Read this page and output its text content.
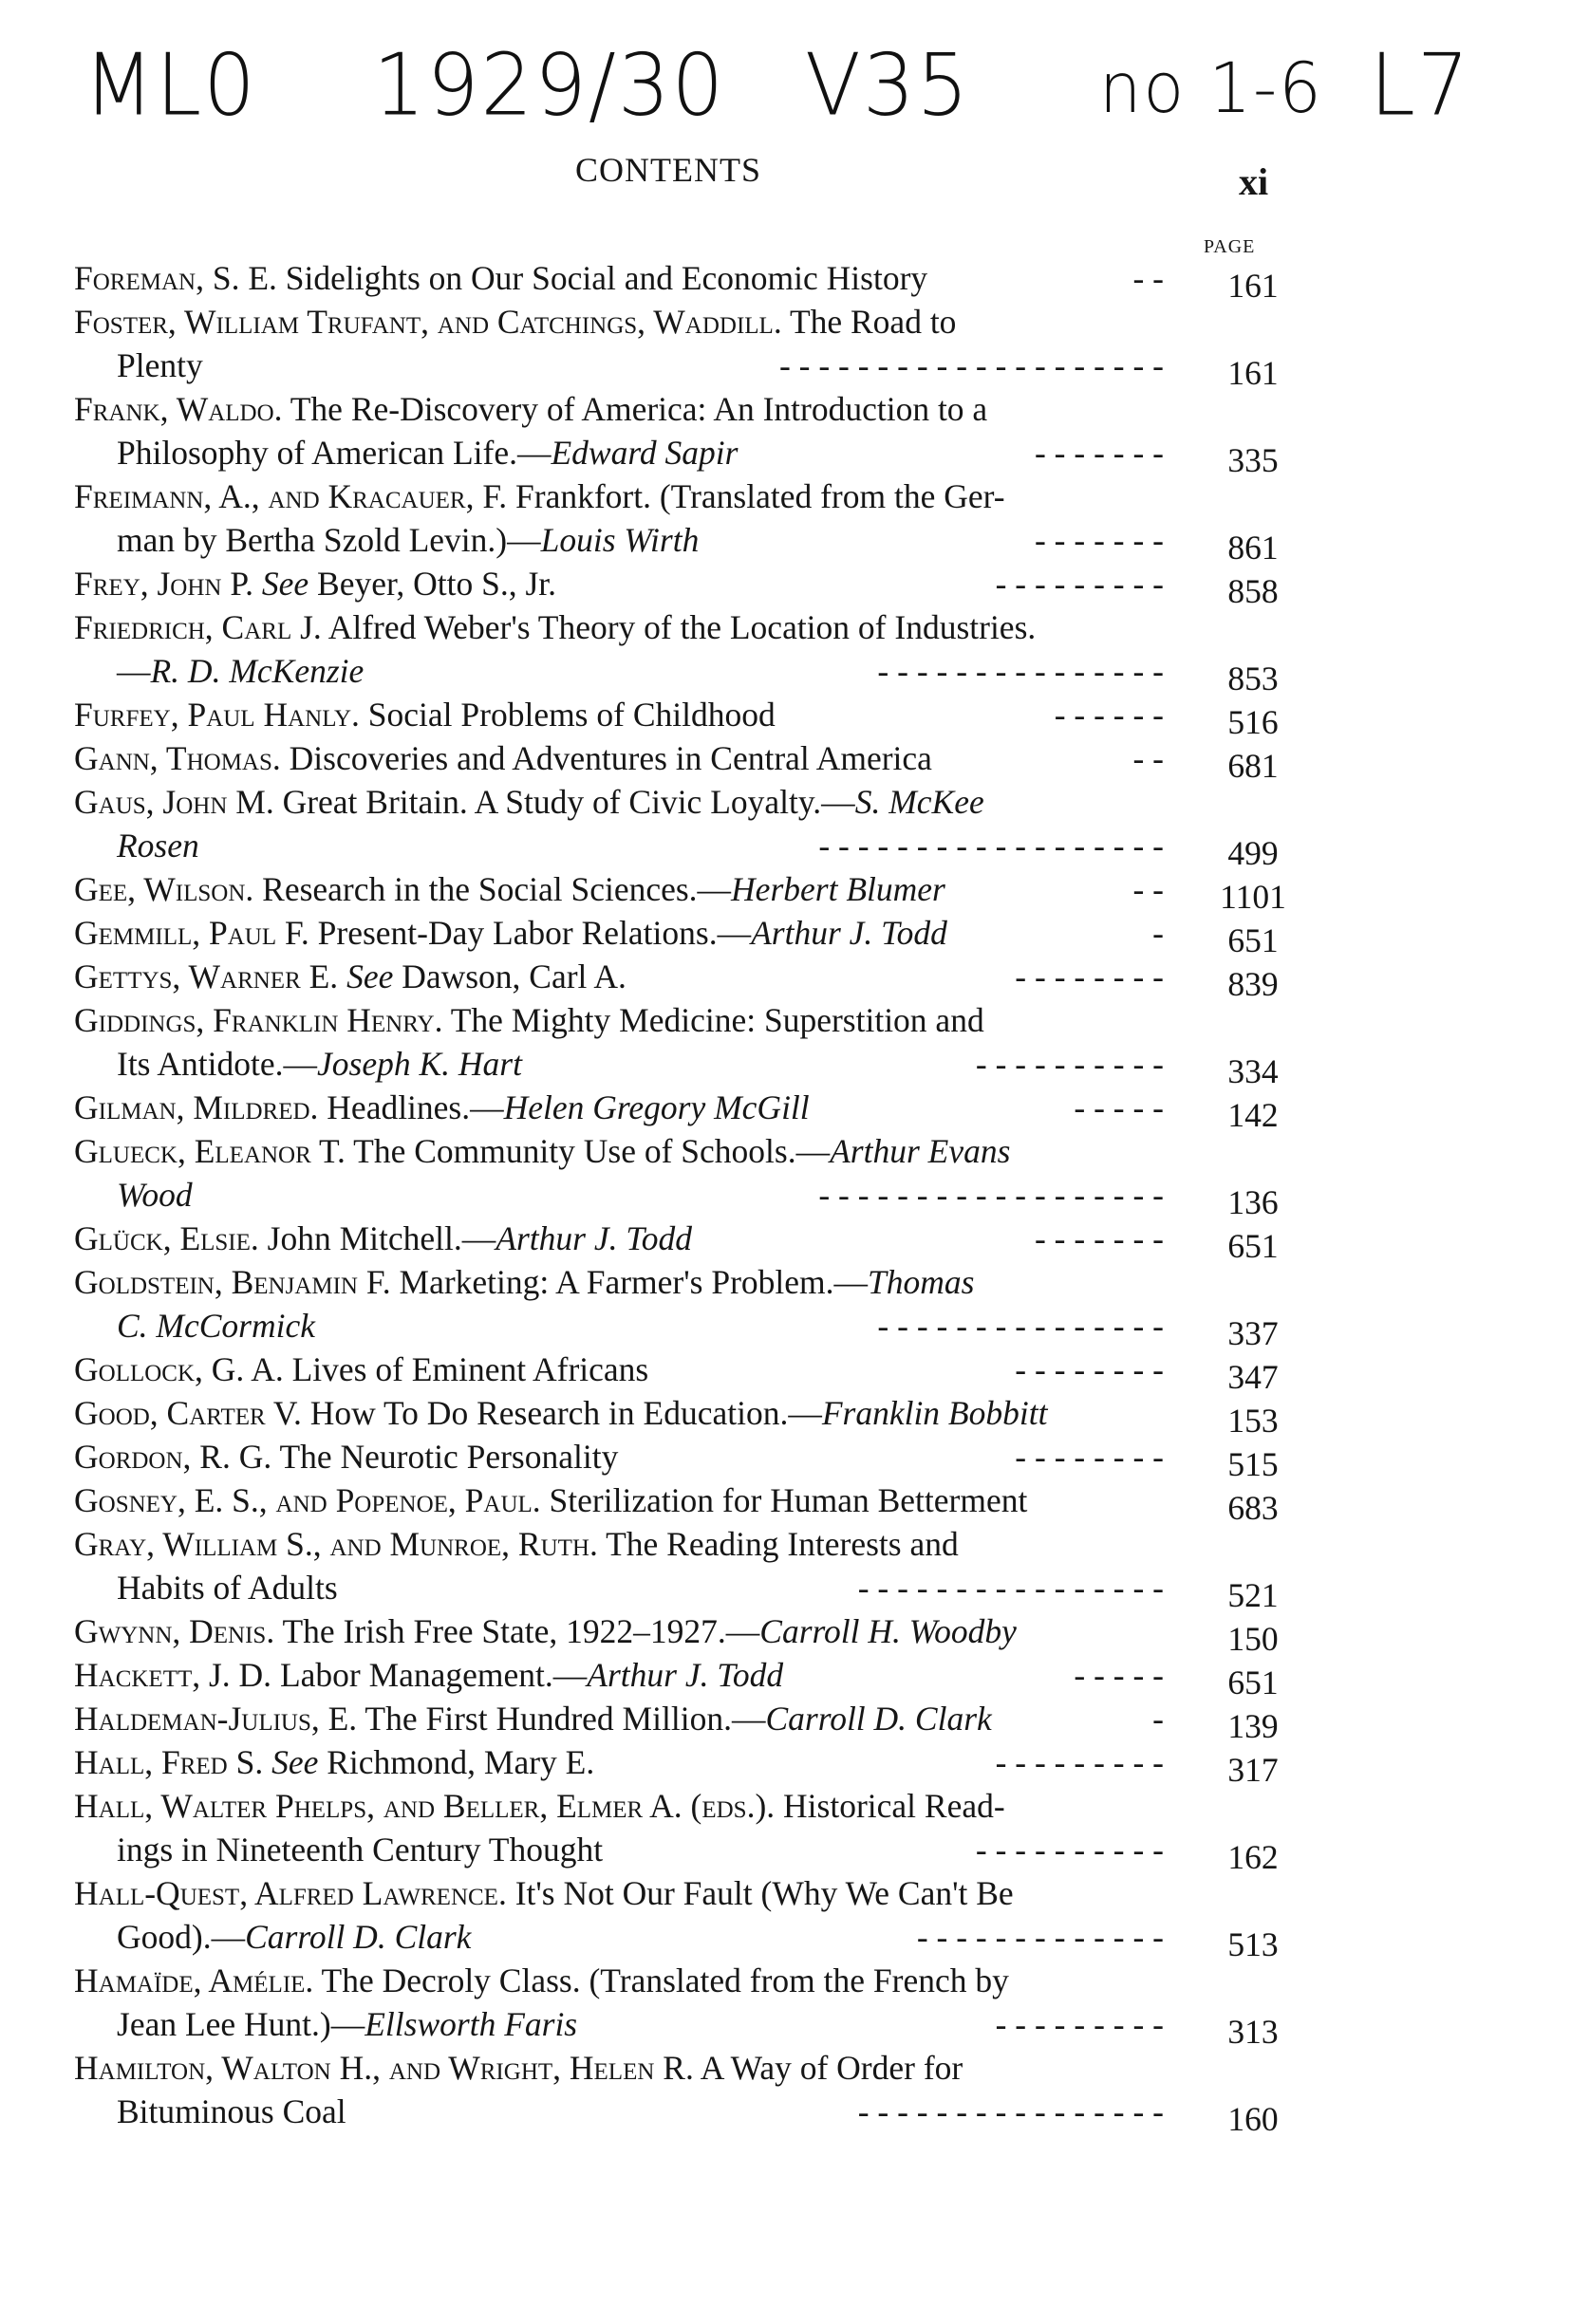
ML0 1929/30 V35 no 1-6 L7
CONTENTS	xi
PAGE
Foreman, S. E. Sidelights on Our Social and Economic History	- -	161
Foster, William Trufant, and Catchings, Waddill. The Road to
Plenty	- - - - - - - - - - - - - - - - - - - -	161
Frank, Waldo. The Re-Discovery of America: An Introduction to a
Philosophy of American Life.—Edward Sapir	- - - - - - -	335
Freimann, A., and Kracauer, F. Frankfort. (Translated from the Ger-
man by Bertha Szold Levin.)—Louis Wirth	- - - - - - -	861
Frey, John P. See Beyer, Otto S., Jr.	- - - - - - - - -	858
Friedrich, Carl J. Alfred Weber's Theory of the Location of Industries.
—R. D. McKenzie	- - - - - - - - - - - - - - -	853
Furfey, Paul Hanly. Social Problems of Childhood	- - - - - -	516
Gann, Thomas. Discoveries and Adventures in Central America	- -	681
Gaus, John M. Great Britain. A Study of Civic Loyalty.—S. McKee
Rosen	- - - - - - - - - - - - - - - - - -	499
Gee, Wilson. Research in the Social Sciences.—Herbert Blumer	- - 1101
Gemmill, Paul F. Present-Day Labor Relations.—Arthur J. Todd	-	651
Gettys, Warner E. See Dawson, Carl A.	- - - - - - - -	839
Giddings, Franklin Henry. The Mighty Medicine: Superstition and
Its Antidote.—Joseph K. Hart	- - - - - - - - - -	334
Gilman, Mildred. Headlines.—Helen Gregory McGill	- - - - -	142
Glueck, Eleanor T. The Community Use of Schools.—Arthur Evans
Wood	- - - - - - - - - - - - - - - - - -	136
Glück, Elsie. John Mitchell.—Arthur J. Todd	- - - - - - -	651
Goldstein, Benjamin F. Marketing: A Farmer's Problem.—Thomas
C. McCormick	- - - - - - - - - - - - - - -	337
Gollock, G. A. Lives of Eminent Africans	- - - - - - - -	347
Good, Carter V. How To Do Research in Education.—Franklin Bobbitt	153
Gordon, R. G. The Neurotic Personality	- - - - - - - -	515
Gosney, E. S., and Popenoe, Paul. Sterilization for Human Betterment	683
Gray, William S., and Munroe, Ruth. The Reading Interests and
Habits of Adults	- - - - - - - - - - - - - - - -	521
Gwynn, Denis. The Irish Free State, 1922–1927.—Carroll H. Woodby	150
Hackett, J. D. Labor Management.—Arthur J. Todd	- - - - -	651
Haldeman-Julius, E. The First Hundred Million.—Carroll D. Clark	-	139
Hall, Fred S. See Richmond, Mary E.	- - - - - - - - -	317
Hall, Walter Phelps, and Beller, Elmer A. (eds.). Historical Read-
ings in Nineteenth Century Thought	- - - - - - - - - -	162
Hall-Quest, Alfred Lawrence. It's Not Our Fault (Why We Can't Be
Good).—Carroll D. Clark	- - - - - - - - - - - - -	513
Hamaïde, Amélie. The Decroly Class. (Translated from the French by
Jean Lee Hunt.)—Ellsworth Faris	- - - - - - - - -	313
Hamilton, Walton H., and Wright, Helen R. A Way of Order for
Bituminous Coal	- - - - - - - - - - - - - - - -	160
